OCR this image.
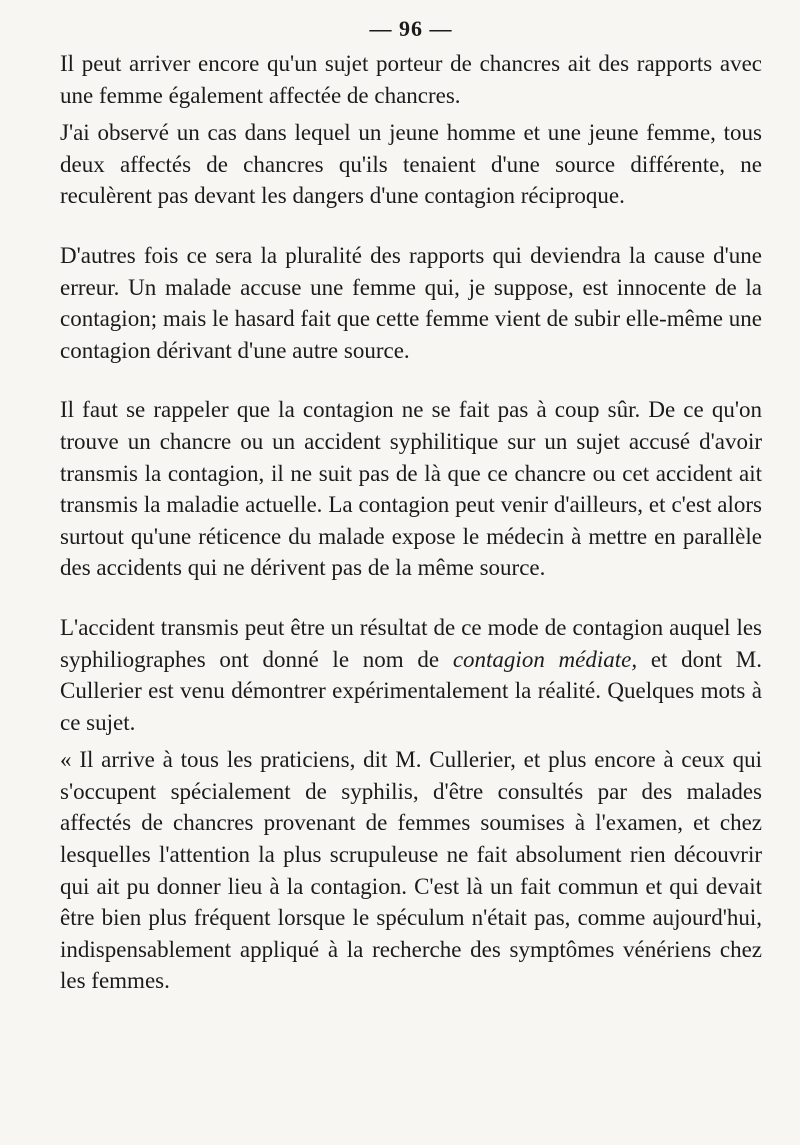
— 96 —

Il peut arriver encore qu'un sujet porteur de chancres ait des rapports avec une femme également affectée de chancres.

J'ai observé un cas dans lequel un jeune homme et une jeune femme, tous deux affectés de chancres qu'ils tenaient d'une source différente, ne reculèrent pas devant les dangers d'une contagion réciproque.

D'autres fois ce sera la pluralité des rapports qui deviendra la cause d'une erreur. Un malade accuse une femme qui, je suppose, est innocente de la contagion; mais le hasard fait que cette femme vient de subir elle-même une contagion dérivant d'une autre source.

Il faut se rappeler que la contagion ne se fait pas à coup sûr. De ce qu'on trouve un chancre ou un accident syphilitique sur un sujet accusé d'avoir transmis la contagion, il ne suit pas de là que ce chancre ou cet accident ait transmis la maladie actuelle. La contagion peut venir d'ailleurs, et c'est alors surtout qu'une réticence du malade expose le médecin à mettre en parallèle des accidents qui ne dérivent pas de la même source.

L'accident transmis peut être un résultat de ce mode de contagion auquel les syphiliographes ont donné le nom de contagion médiate, et dont M. Cullerier est venu démontrer expérimentalement la réalité. Quelques mots à ce sujet.

« Il arrive à tous les praticiens, dit M. Cullerier, et plus encore à ceux qui s'occupent spécialement de syphilis, d'être consultés par des malades affectés de chancres provenant de femmes soumises à l'examen, et chez lesquelles l'attention la plus scrupuleuse ne fait absolument rien découvrir qui ait pu donner lieu à la contagion. C'est là un fait commun et qui devait être bien plus fréquent lorsque le spéculum n'était pas, comme aujourd'hui, indispensablement appliqué à la recherche des symptômes vénériens chez les femmes.
